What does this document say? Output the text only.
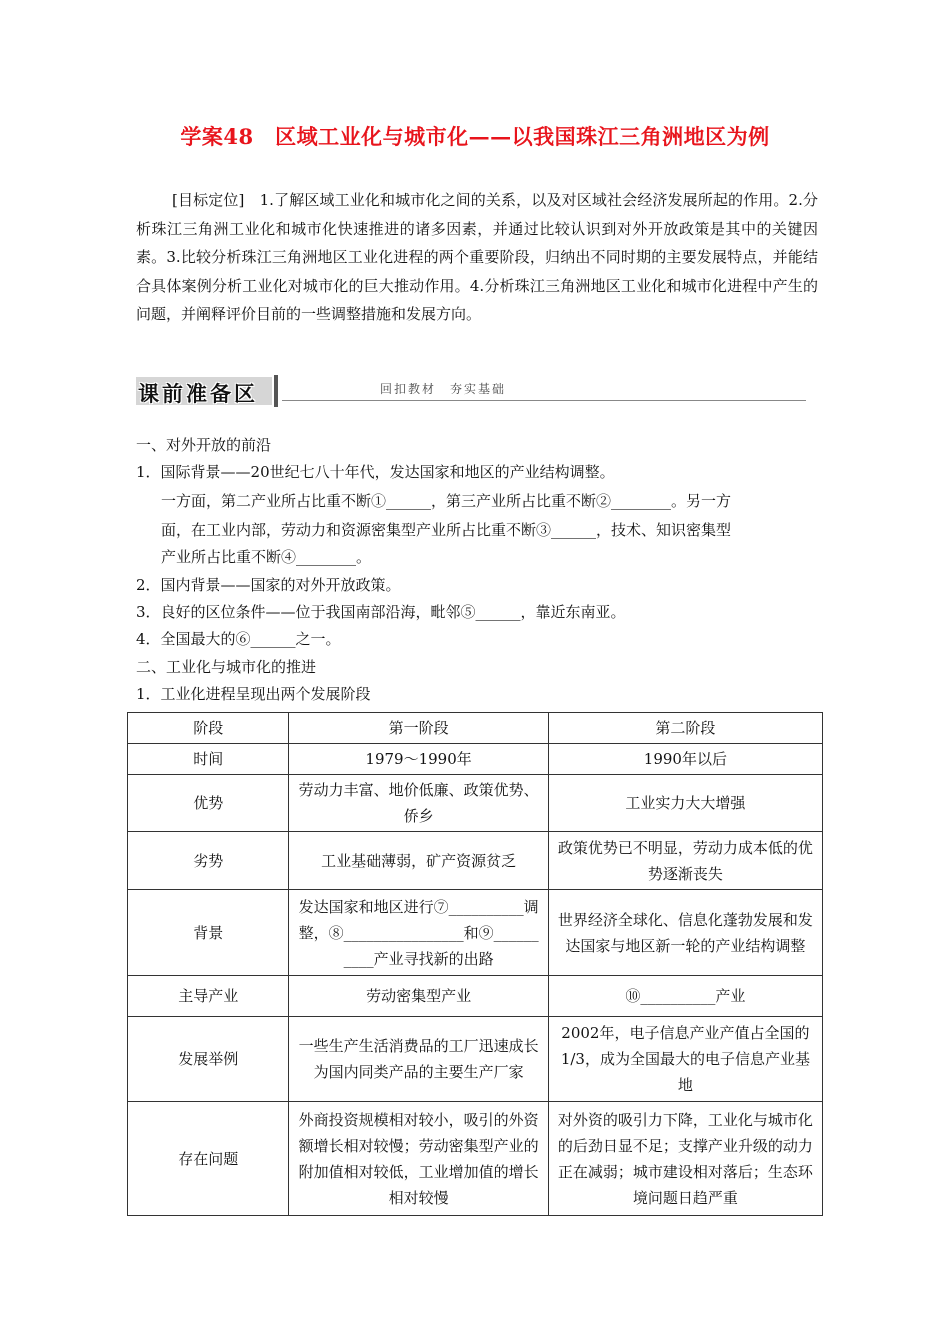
学案48　区域工业化与城市化——以我国珠江三角洲地区为例
[目标定位]　1.了解区域工业化和城市化之间的关系，以及对区域社会经济发展所起的作用。2.分析珠江三角洲工业化和城市化快速推进的诸多因素，并通过比较认识到对外开放政策是其中的关键因素。3.比较分析珠江三角洲地区工业化进程的两个重要阶段，归纳出不同时期的主要发展特点，并能结合具体案例分析工业化对城市化的巨大推动作用。4.分析珠江三角洲地区工业化和城市化进程中产生的问题，并阐释评价目前的一些调整措施和发展方向。
课前准备区	回扣教材　夯实基础
一、对外开放的前沿
1．国际背景——20世纪七八十年代，发达国家和地区的产业结构调整。
一方面，第二产业所占比重不断①______，第三产业所占比重不断②________。另一方
面，在工业内部，劳动力和资源密集型产业所占比重不断③______，技术、知识密集型
产业所占比重不断④________。
2．国内背景——国家的对外开放政策。
3．良好的区位条件——位于我国南部沿海，毗邻⑤______，靠近东南亚。
4．全国最大的⑥______之一。
二、工业化与城市化的推进
1．工业化进程呈现出两个发展阶段
阶段	第一阶段	第二阶段
时间	1979～1990年	1990年以后
优势	劳动力丰富、地价低廉、政策优势、侨乡	工业实力大大增强
劣势	工业基础薄弱，矿产资源贫乏	政策优势已不明显，劳动力成本低的优势逐渐丧失
背景	发达国家和地区进行⑦__________调整，⑧________________和⑨__________产业寻找新的出路	世界经济全球化、信息化蓬勃发展和发达国家与地区新一轮的产业结构调整
主导产业	劳动密集型产业	⑩__________产业
发展举例	一些生产生活消费品的工厂迅速成长为国内同类产品的主要生产厂家	2002年，电子信息产业产值占全国的1/3，成为全国最大的电子信息产业基地
存在问题	外商投资规模相对较小，吸引的外资额增长相对较慢；劳动密集型产业的附加值相对较低，工业增加值的增长相对较慢	对外资的吸引力下降，工业化与城市化的后劲日显不足；支撑产业升级的动力正在减弱；城市建设相对落后；生态环境问题日趋严重
